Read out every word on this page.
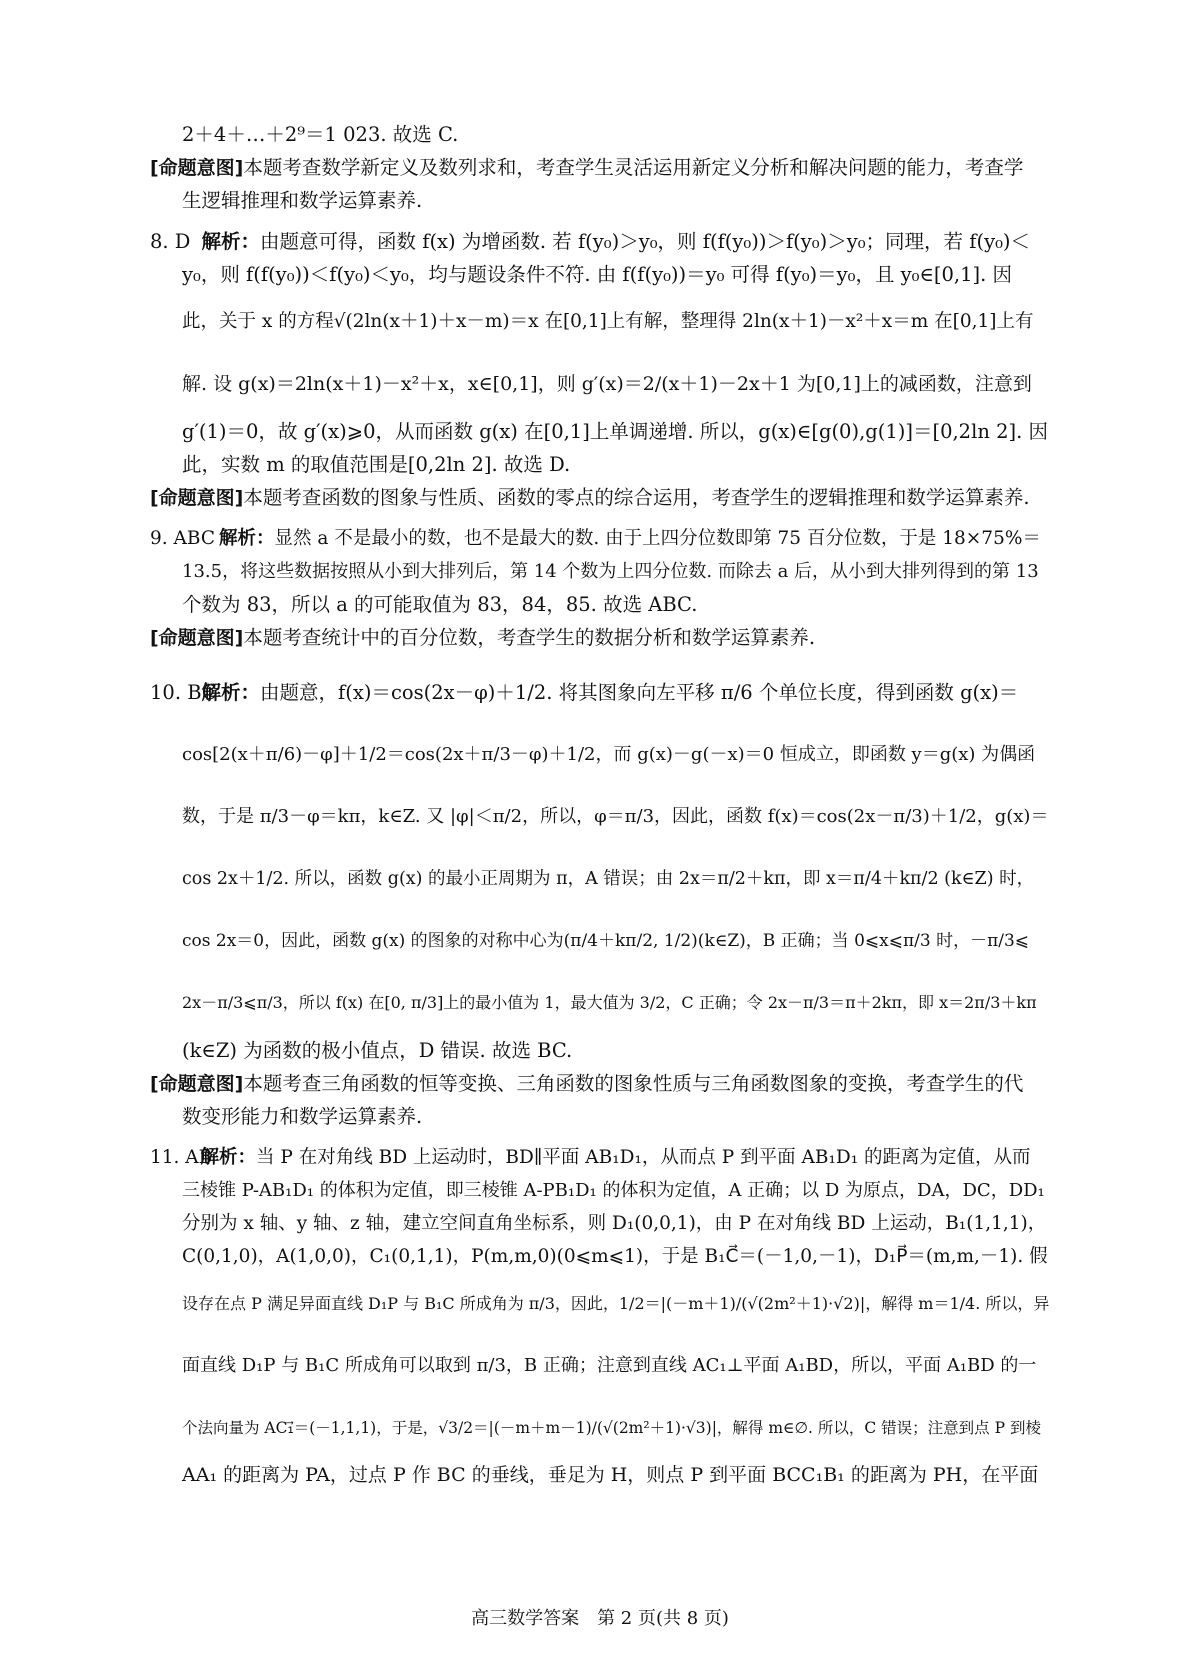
2＋4＋…＋2⁹＝1 023. 故选 C.
[命题意图]本题考查数学新定义及数列求和，考查学生灵活运用新定义分析和解决问题的能力，考查学
生逻辑推理和数学运算素养.
8. D　 解析：由题意可得，函数 f(x) 为增函数. 若 f(y₀)＞y₀，则 f(f(y₀))＞f(y₀)＞y₀；同理，若 f(y₀)＜
y₀，则 f(f(y₀))＜f(y₀)＜y₀，均与题设条件不符. 由 f(f(y₀))＝y₀ 可得 f(y₀)＝y₀，且 y₀∈[0,1]. 因
此，关于 x 的方程√(2ln(x＋1)＋x－m)＝x 在[0,1]上有解，整理得 2ln(x＋1)－x²＋x＝m 在[0,1]上有
解. 设 g(x)＝2ln(x＋1)－x²＋x，x∈[0,1]，则 g′(x)＝2/(x＋1)－2x＋1 为[0,1]上的减函数，注意到
g′(1)＝0，故 g′(x)⩾0，从而函数 g(x) 在[0,1]上单调递增. 所以，g(x)∈[g(0),g(1)]＝[0,2ln 2]. 因
此，实数 m 的取值范围是[0,2ln 2]. 故选 D.
[命题意图]本题考查函数的图象与性质、函数的零点的综合运用，考查学生的逻辑推理和数学运算素养.
9. ABC　　 解析：显然 a 不是最小的数，也不是最大的数. 由于上四分位数即第 75 百分位数，于是 18×75%＝
13.5，将这些数据按照从小到大排列后，第 14 个数为上四分位数. 而除去 a 后，从小到大排列得到的第 13
个数为 83，所以 a 的可能取值为 83，84，85. 故选 ABC.
[命题意图]本题考查统计中的百分位数，考查学生的数据分析和数学运算素养.
10. BC　解析：由题意，f(x)＝cos(2x－φ)＋1/2. 将其图象向左平移 π/6 个单位长度，得到函数 g(x)＝
cos[2(x＋π/6)－φ]＋1/2＝cos(2x＋π/3－φ)＋1/2，而 g(x)－g(－x)＝0 恒成立，即函数 y＝g(x) 为偶函
数，于是 π/3－φ＝kπ，k∈Z. 又 |φ|＜π/2，所以，φ＝π/3，因此，函数 f(x)＝cos(2x－π/3)＋1/2，g(x)＝
cos 2x＋1/2. 所以，函数 g(x) 的最小正周期为 π，A 错误；由 2x＝π/2＋kπ，即 x＝π/4＋kπ/2 (k∈Z) 时，
cos 2x＝0，因此，函数 g(x) 的图象的对称中心为(π/4＋kπ/2, 1/2)(k∈Z)，B 正确；当 0⩽x⩽π/3 时，－π/3⩽
2x－π/3⩽π/3，所以 f(x) 在[0, π/3]上的最小值为 1，最大值为 3/2，C 正确；令 2x－π/3＝π＋2kπ，即 x＝2π/3＋kπ
(k∈Z) 为函数的极小值点，D 错误. 故选 BC.
[命题意图]本题考查三角函数的恒等变换、三角函数的图象性质与三角函数图象的变换，考查学生的代
数变形能力和数学运算素养.
11. AB　解析：当 P 在对角线 BD 上运动时，BD∥平面 AB₁D₁，从而点 P 到平面 AB₁D₁ 的距离为定值，从而
三棱锥 P-AB₁D₁ 的体积为定值，即三棱锥 A-PB₁D₁ 的体积为定值，A 正确；以 D 为原点，DA，DC，DD₁
分别为 x 轴、y 轴、z 轴，建立空间直角坐标系，则 D₁(0,0,1)，由 P 在对角线 BD 上运动，B₁(1,1,1)，
C(0,1,0)，A(1,0,0)，C₁(0,1,1)，P(m,m,0)(0⩽m⩽1)，于是 B₁C⃗＝(－1,0,－1)，D₁P⃗＝(m,m,－1). 假
设存在点 P 满足异面直线 D₁P 与 B₁C 所成角为 π/3，因此，1/2＝|(－m＋1)/(√(2m²＋1)·√2)|，解得 m＝1/4. 所以，异
面直线 D₁P 与 B₁C 所成角可以取到 π/3，B 正确；注意到直线 AC₁⊥平面 A₁BD，所以，平面 A₁BD 的一
个法向量为 AC₁⃗＝(－1,1,1)，于是，√3/2＝|(－m＋m－1)/(√(2m²＋1)·√3)|，解得 m∈∅. 所以，C 错误；注意到点 P 到棱
AA₁ 的距离为 PA，过点 P 作 BC 的垂线，垂足为 H，则点 P 到平面 BCC₁B₁ 的距离为 PH，在平面
高三数学答案　第 2 页(共 8 页)
